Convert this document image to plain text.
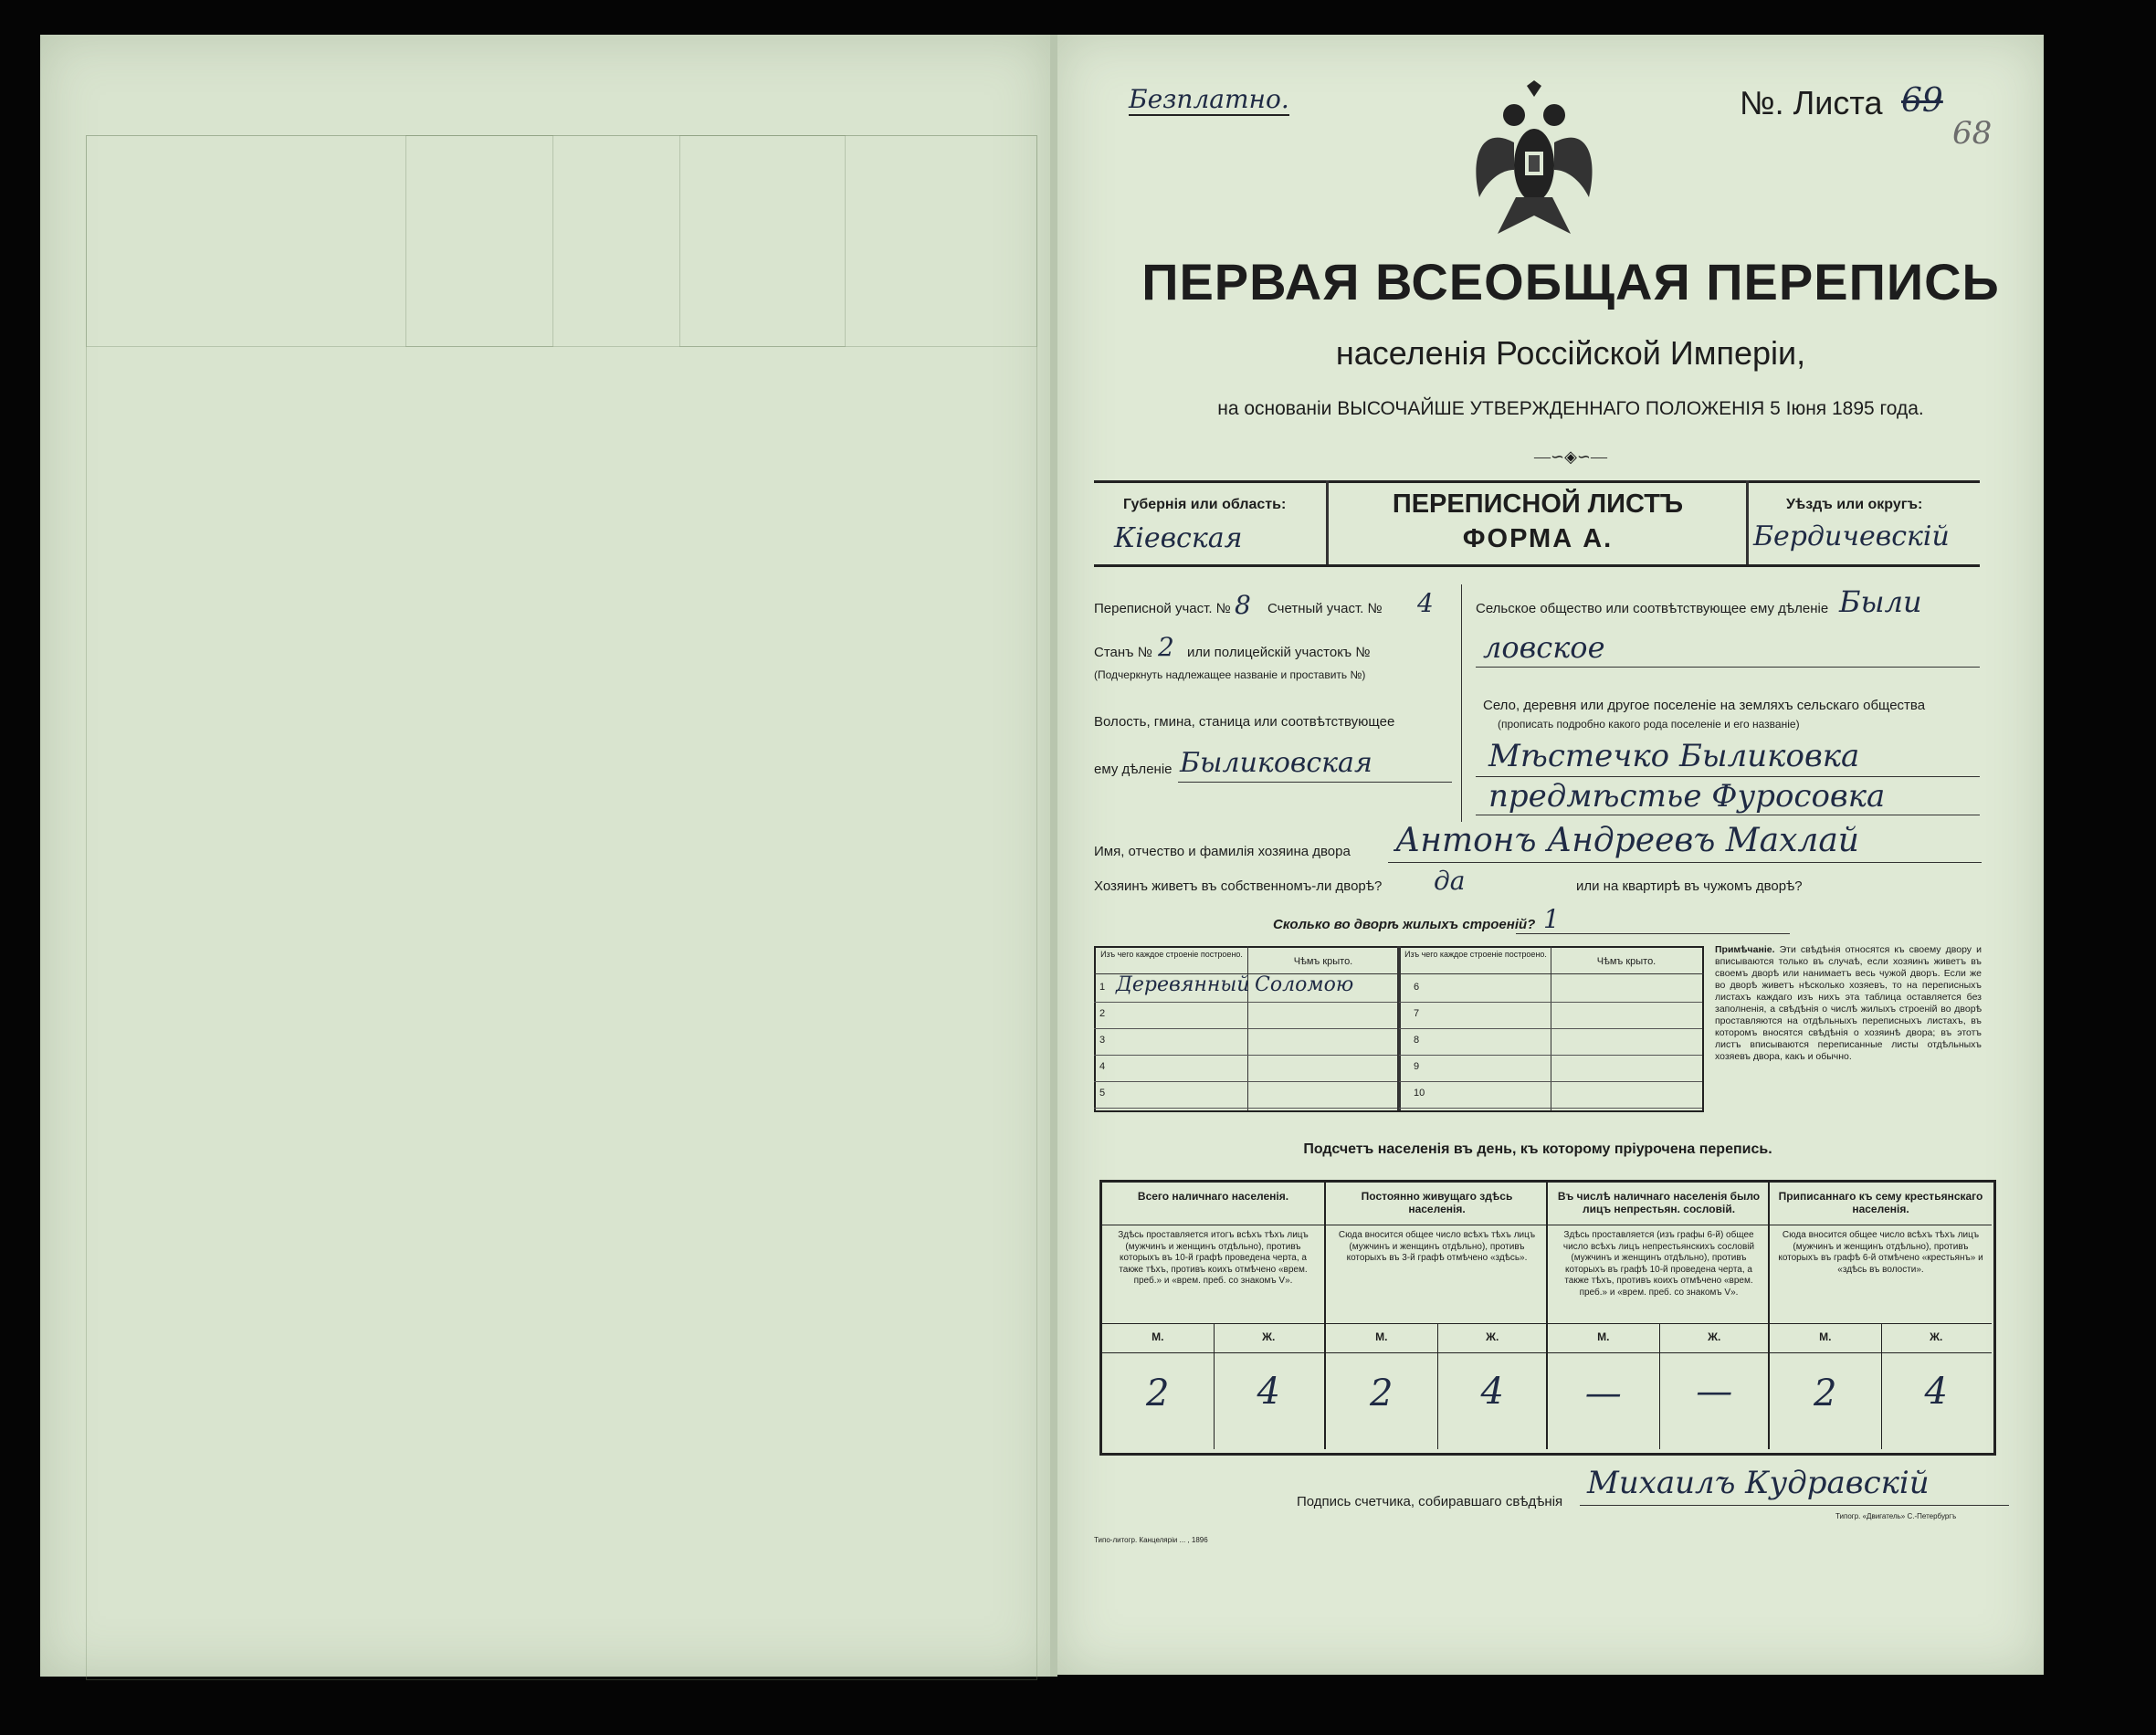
Безплатно.	№. Листа 69
68
ПЕРВАЯ ВСЕОБЩАЯ ПЕРЕПИСЬ
населенія Россійской Имперіи,
на основаніи ВЫСОЧАЙШЕ УТВЕРЖДЕННАГО ПОЛОЖЕНІЯ 5 Іюня 1895 года.
—∽◈∽—
Губернія или область:
Кіевская
ПЕРЕПИСНОЙ ЛИСТЪ
ФОРМА А.
Уѣздъ или округъ:
Бердичевскій
Переписной участ. № 8 Счетный участ. № 4
Станъ № 2 или полицейскій участокъ №
(Подчеркнуть надлежащее названіе и проставить №)
Волость, гмина, станица или соотвѣтствующее
ему дѣленіе Быликовская
Сельское общество или соотвѣтствующее ему дѣленіе Были
ловское
Село, деревня или другое поселеніе на земляхъ сельскаго общества
(прописать подробно какого рода поселеніе и его названіе)
Мѣстечко Быликовка
предмѣстье Фуросовка
Имя, отчество и фамилія хозяина двора Антонъ Андреевъ Махлай
Хозяинъ живетъ въ собственномъ-ли дворѣ? да	или на квартирѣ въ чужомъ дворѣ?
Сколько во дворѣ жилыхъ строеній? 1
Изъ чего каждое строеніе построено.
Чѣмъ крыто.
Изъ чего каждое строеніе построено.
Чѣмъ крыто.
1 Деревянный Соломою
2
3
4
5
6
7
8
9
10
Примѣчаніе. Эти свѣдѣнія относятся къ своему двору и вписываются только въ случаѣ, если хозяинъ живетъ въ своемъ дворѣ или нанимаетъ весь чужой дворъ. Если же во дворѣ живетъ нѣсколько хозяевъ, то на переписныхъ листахъ каждаго изъ нихъ эта таблица оставляется без заполненія, а свѣдѣнія о числѣ жилыхъ строеній во дворѣ проставляются на отдѣльныхъ переписныхъ листахъ, въ которомъ вносятся свѣдѣнія о хозяинѣ двора; въ этотъ листъ вписываются переписанные листы отдѣльныхъ хозяевъ двора, какъ и обычно.
Подсчетъ населенія въ день, къ которому пріурочена перепись.
Всего наличнаго населенія.
Здѣсь проставляется итогъ всѣхъ тѣхъ лицъ (мужчинъ и женщинъ отдѣльно), противъ которыхъ въ 10-й графѣ проведена черта, а также тѣхъ, противъ коихъ отмѣчено «врем. преб.» и «врем. преб. со знакомъ V».
М.	Ж.
2	4
Постоянно живущаго здѣсь населенія.
Сюда вносится общее число всѣхъ тѣхъ лицъ (мужчинъ и женщинъ отдѣльно), противъ которыхъ въ 3-й графѣ отмѣчено «здѣсь».
М.	Ж.
2	4
Въ числѣ наличнаго населенія было лицъ непрестьян. сословій.
Здѣсь проставляется (изъ графы 6-й) общее число всѣхъ лицъ непрестьянскихъ сословій (мужчинъ и женщинъ отдѣльно), противъ которыхъ въ графѣ 10-й проведена черта, а также тѣхъ, противъ коихъ отмѣчено «врем. преб.» и «врем. преб. со знакомъ V».
М.	Ж.
—	—
Приписаннаго къ сему крестьянскаго населенія.
Сюда вносится общее число всѣхъ тѣхъ лицъ (мужчинъ и женщинъ отдѣльно), противъ которыхъ въ графѣ 6-й отмѣчено «крестьянъ» и «здѣсь въ волости».
М.	Ж.
2	4
Подпись счетчика, собиравшаго свѣдѣнія
Михаилъ Кудравскій
Типо-литогр. Канцеляріи ... , 1896
Типогр. «Двигатель» С.-Петербургъ
